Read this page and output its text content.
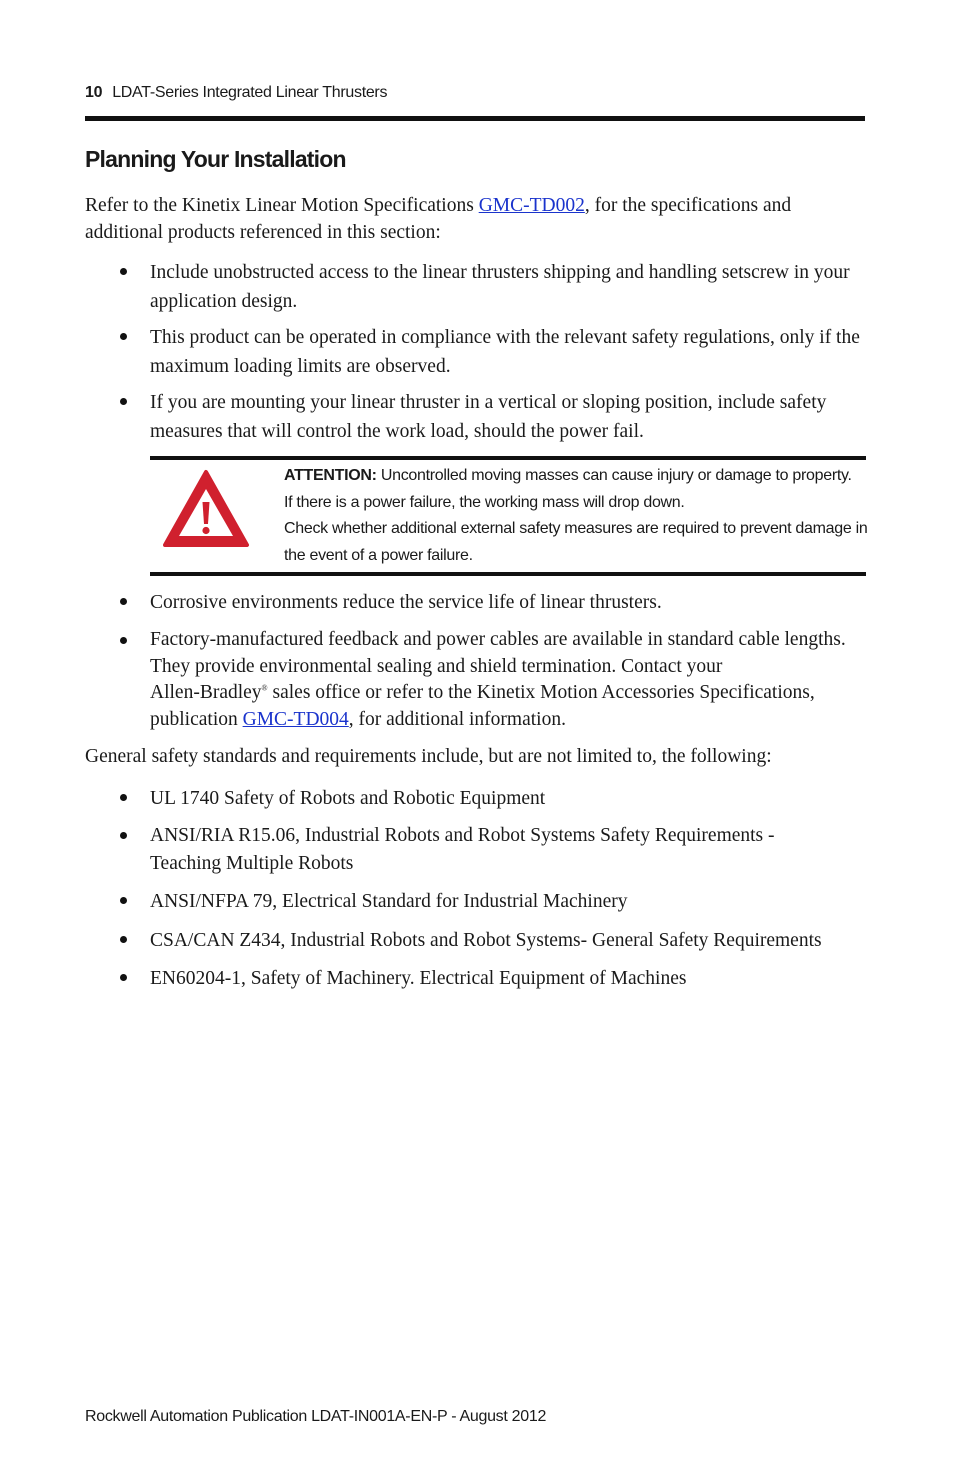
10 LDAT-Series Integrated Linear Thrusters
Planning Your Installation

Refer to the Kinetix Linear Motion Specifications GMC-TD002, for the specifications and additional products referenced in this section:

Include unobstructed access to the linear thrusters shipping and handling setscrew in your application design.

This product can be operated in compliance with the relevant safety regulations, only if the maximum loading limits are observed.

If you are mounting your linear thruster in a vertical or sloping position, include safety measures that will control the work load, should the power fail.

ATTENTION: Uncontrolled moving masses can cause injury or damage to property.
If there is a power failure, the working mass will drop down.
Check whether additional external safety measures are required to prevent damage in
the event of a power failure.

Corrosive environments reduce the service life of linear thrusters.

Factory-manufactured feedback and power cables are available in standard cable lengths.
They provide environmental sealing and shield termination. Contact your
Allen-Bradley® sales office or refer to the Kinetix Motion Accessories Specifications,
publication GMC-TD004, for additional information.

General safety standards and requirements include, but are not limited to, the following:

UL 1740 Safety of Robots and Robotic Equipment

ANSI/RIA R15.06, Industrial Robots and Robot Systems Safety Requirements -
Teaching Multiple Robots

ANSI/NFPA 79, Electrical Standard for Industrial Machinery

CSA/CAN Z434, Industrial Robots and Robot Systems- General Safety Requirements

EN60204-1, Safety of Machinery. Electrical Equipment of Machines

Rockwell Automation Publication LDAT-IN001A-EN-P - August 2012
